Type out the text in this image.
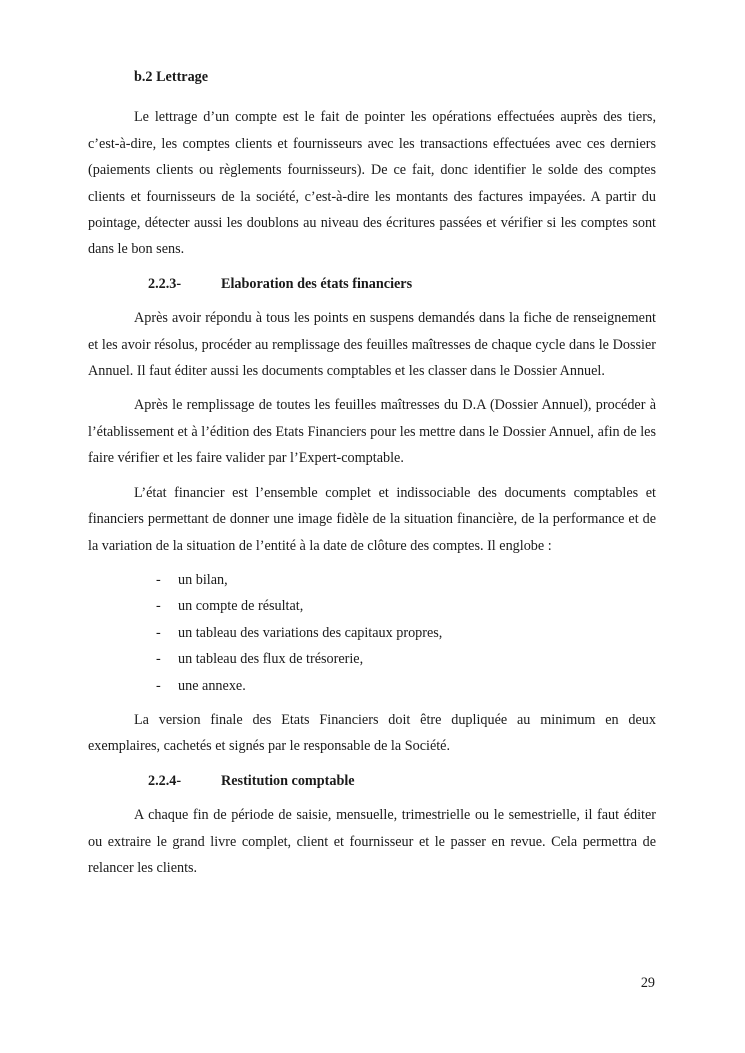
b.2 Lettrage

Le lettrage d’un compte est le fait de pointer les opérations effectuées auprès des tiers, c’est-à-dire, les comptes clients et fournisseurs avec les transactions effectuées avec ces derniers (paiements clients ou règlements fournisseurs). De ce fait, donc identifier le solde des comptes clients et fournisseurs de la société, c’est-à-dire les montants des factures impayées. A partir du pointage, détecter aussi les doublons au niveau des écritures passées et vérifier si les comptes sont dans le bon sens.

2.2.3-	Elaboration des états financiers

Après avoir répondu à tous les points en suspens demandés dans la fiche de renseignement et les avoir résolus, procéder au remplissage des feuilles maîtresses de chaque cycle dans le Dossier Annuel. Il faut éditer aussi les documents comptables et les classer dans le Dossier Annuel.

Après le remplissage de toutes les feuilles maîtresses du D.A (Dossier Annuel), procéder à l’établissement et à l’édition des Etats Financiers pour les mettre dans le Dossier Annuel, afin de les faire vérifier et les faire valider par l’Expert-comptable.

L’état financier est l’ensemble complet et indissociable des documents comptables et financiers permettant de donner une image fidèle de la situation financière, de la performance et de la variation de la situation de l’entité à la date de clôture des comptes. Il englobe :

-	un bilan,
-	un compte de résultat,
-	un tableau des variations des capitaux propres,
-	un tableau des flux de trésorerie,
-	une annexe.

La version finale des Etats Financiers doit être dupliquée au minimum en deux exemplaires, cachetés et signés par le responsable de la Société.

2.2.4-	Restitution comptable

A chaque fin de période de saisie, mensuelle, trimestrielle ou le semestrielle, il faut éditer ou extraire le grand livre complet, client et fournisseur et le passer en revue. Cela permettra de relancer les clients.

29
